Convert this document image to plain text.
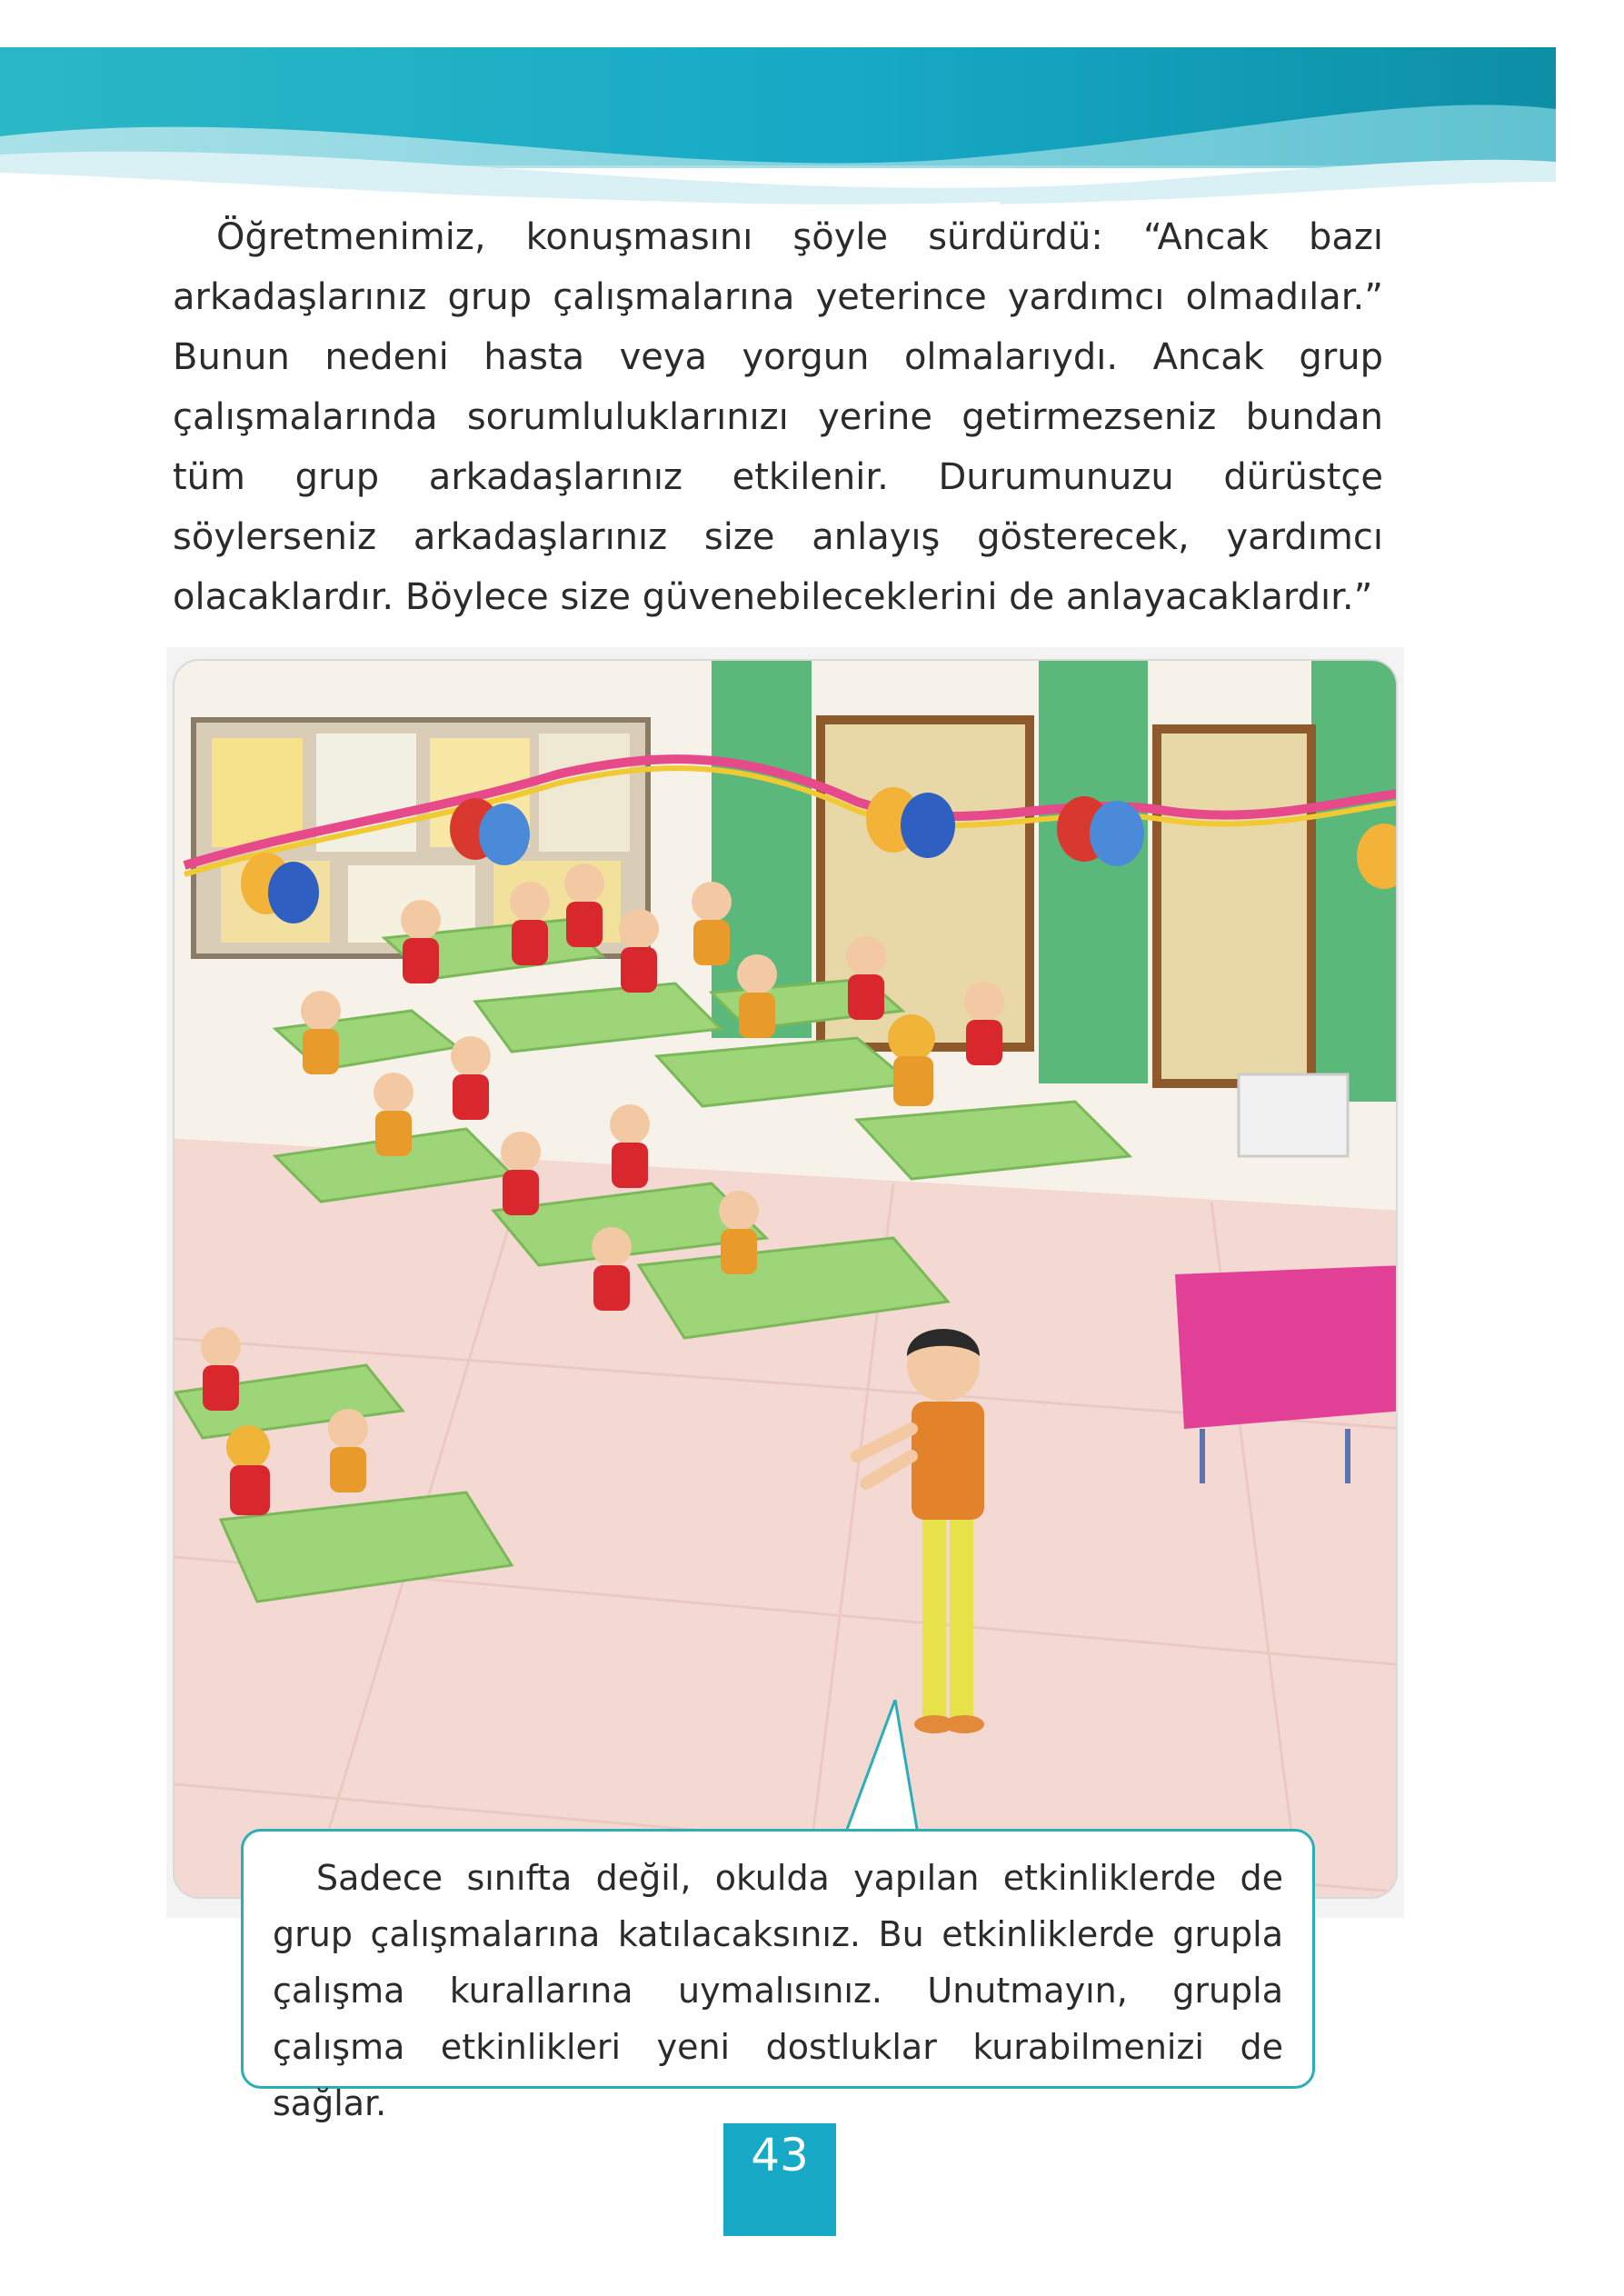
Öğretmenimiz, konuşmasını şöyle sürdürdü: “Ancak bazı arkadaşlarınız grup çalışmalarına yeterince yardımcı olmadılar.” Bunun nedeni hasta veya yorgun olmalarıydı. Ancak grup çalışmalarında sorumluluklarınızı yerine getirmezseniz bundan tüm grup arkadaşlarınız etkilenir. Durumunuzu dürüstçe söylerseniz arkadaşlarınız size anlayış gösterecek, yardımcı olacaklardır. Böylece size güvenebileceklerini de anlayacaklardır.”

Sadece sınıfta değil, okulda yapılan etkinliklerde de grup çalışmalarına katılacaksınız. Bu etkinliklerde grupla çalışma kurallarına uymalısınız. Unutmayın, grupla çalışma etkinlikleri yeni dostluklar kurabilmenizi de sağlar.

43
